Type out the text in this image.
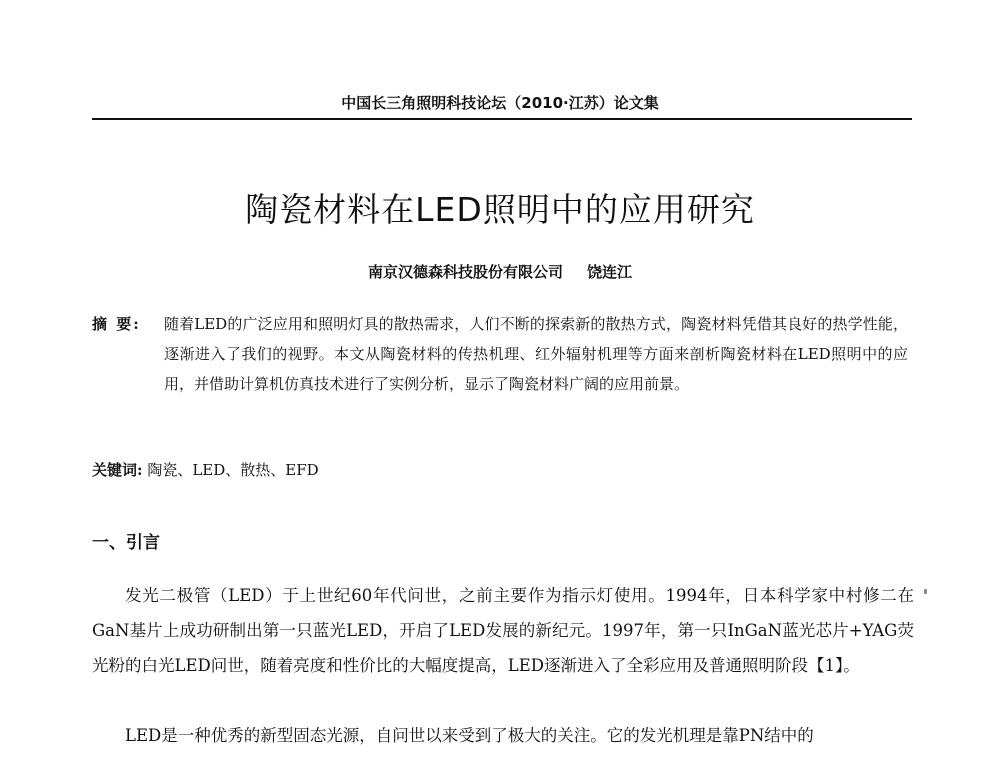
中国长三角照明科技论坛（2010·江苏）论文集
陶瓷材料在LED照明中的应用研究
南京汉德森科技股份有限公司 饶连江
摘 要: 随着LED的广泛应用和照明灯具的散热需求，人们不断的探索新的散热方式，陶瓷材料凭借其良好的热学性能，逐渐进入了我们的视野。本文从陶瓷材料的传热机理、红外辐射机理等方面来剖析陶瓷材料在LED照明中的应用，并借助计算机仿真技术进行了实例分析，显示了陶瓷材料广阔的应用前景。
关键词: 陶瓷、LED、散热、EFD
一、引言

发光二极管（LED）于上世纪60年代问世，之前主要作为指示灯使用。1994年，日本科学家中村修二在GaN基片上成功研制出第一只蓝光LED，开启了LED发展的新纪元。1997年，第一只InGaN蓝光芯片+YAG荧光粉的白光LED问世，随着亮度和性价比的大幅度提高，LED逐渐进入了全彩应用及普通照明阶段【1】。

LED是一种优秀的新型固态光源，自问世以来受到了极大的关注。它的发光机理是靠PN结中的
